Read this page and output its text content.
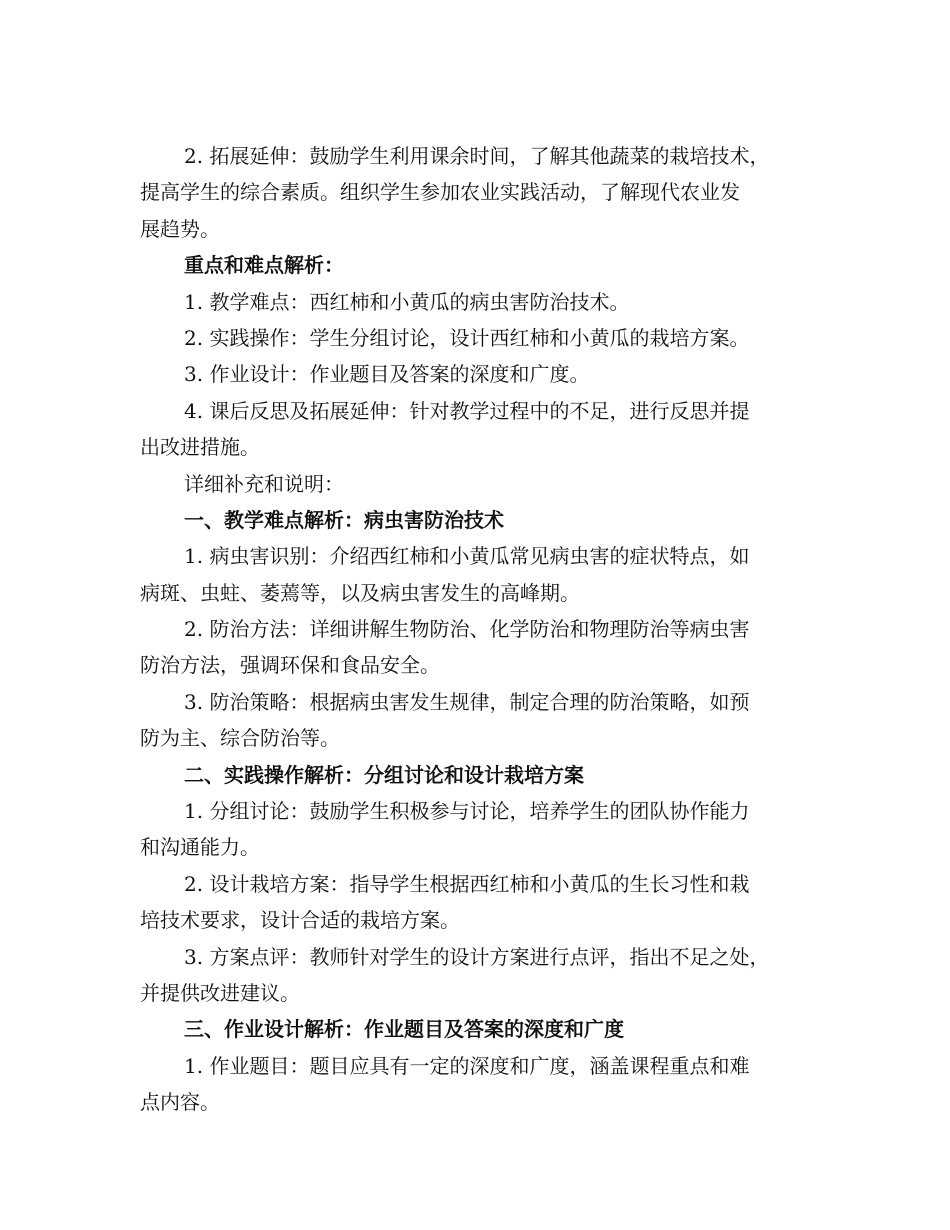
2. 拓展延伸：鼓励学生利用课余时间，了解其他蔬菜的栽培技术，
提高学生的综合素质。组织学生参加农业实践活动，了解现代农业发
展趋势。
重点和难点解析：
1. 教学难点：西红柿和小黄瓜的病虫害防治技术。
2. 实践操作：学生分组讨论，设计西红柿和小黄瓜的栽培方案。
3. 作业设计：作业题目及答案的深度和广度。
4. 课后反思及拓展延伸：针对教学过程中的不足，进行反思并提
出改进措施。
详细补充和说明：
一、教学难点解析：病虫害防治技术
1. 病虫害识别：介绍西红柿和小黄瓜常见病虫害的症状特点，如
病斑、虫蛀、萎蔫等，以及病虫害发生的高峰期。
2. 防治方法：详细讲解生物防治、化学防治和物理防治等病虫害
防治方法，强调环保和食品安全。
3. 防治策略：根据病虫害发生规律，制定合理的防治策略，如预
防为主、综合防治等。
二、实践操作解析：分组讨论和设计栽培方案
1. 分组讨论：鼓励学生积极参与讨论，培养学生的团队协作能力
和沟通能力。
2. 设计栽培方案：指导学生根据西红柿和小黄瓜的生长习性和栽
培技术要求，设计合适的栽培方案。
3. 方案点评：教师针对学生的设计方案进行点评，指出不足之处，
并提供改进建议。
三、作业设计解析：作业题目及答案的深度和广度
1. 作业题目：题目应具有一定的深度和广度，涵盖课程重点和难
点内容。
